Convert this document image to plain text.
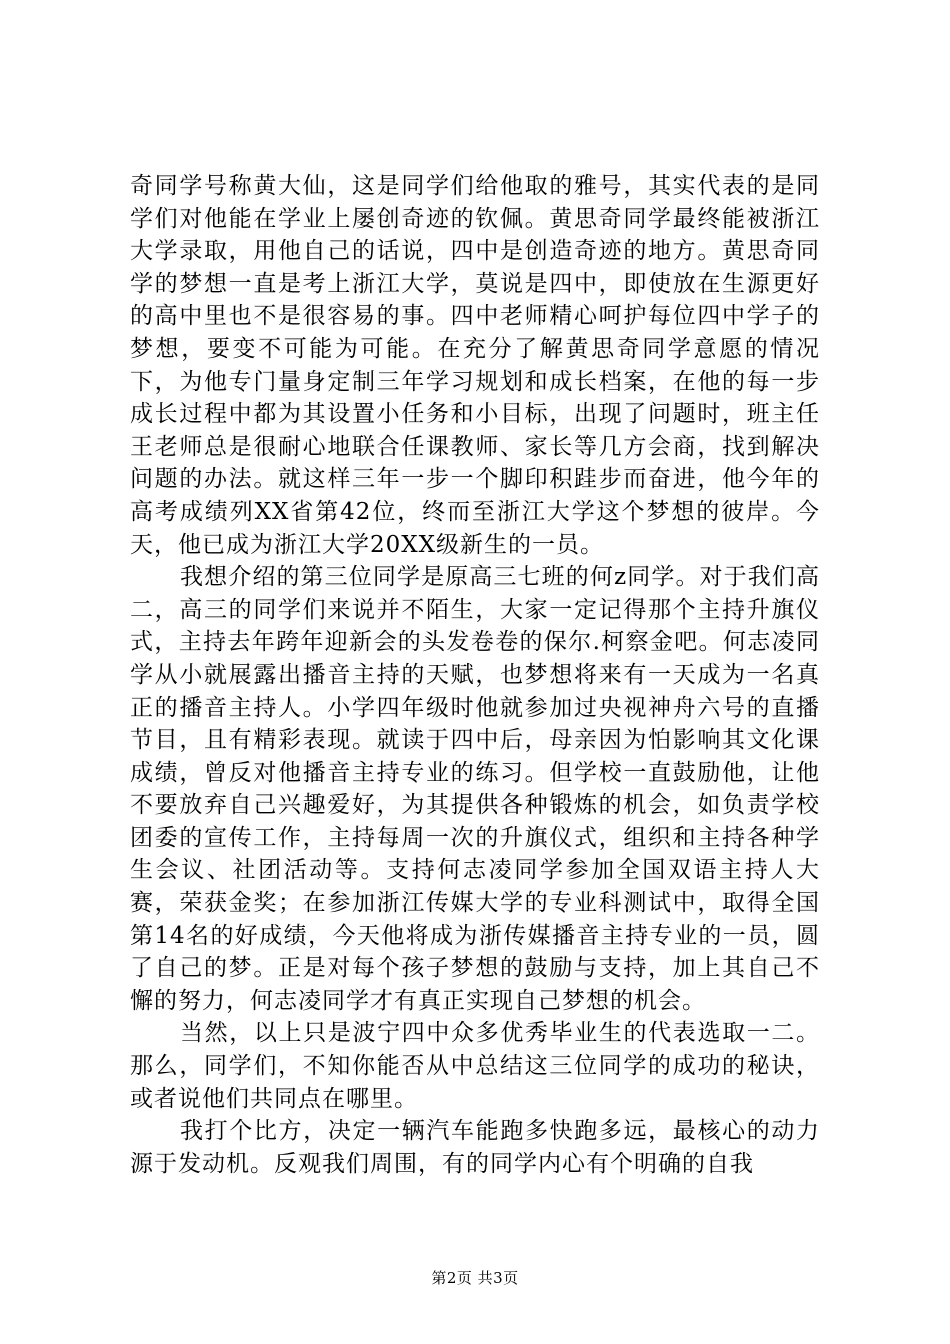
奇同学号称黄大仙，这是同学们给他取的雅号，其实代表的是同学们对他能在学业上屡创奇迹的钦佩。黄思奇同学最终能被浙江大学录取，用他自己的话说，四中是创造奇迹的地方。黄思奇同学的梦想一直是考上浙江大学，莫说是四中，即使放在生源更好的高中里也不是很容易的事。四中老师精心呵护每位四中学子的梦想，要变不可能为可能。在充分了解黄思奇同学意愿的情况下，为他专门量身定制三年学习规划和成长档案，在他的每一步成长过程中都为其设置小任务和小目标，出现了问题时，班主任王老师总是很耐心地联合任课教师、家长等几方会商，找到解决问题的办法。就这样三年一步一个脚印积跬步而奋进，他今年的高考成绩列XX省第42位，终而至浙江大学这个梦想的彼岸。今天，他已成为浙江大学20XX级新生的一员。

我想介绍的第三位同学是原高三七班的何z同学。对于我们高二，高三的同学们来说并不陌生，大家一定记得那个主持升旗仪式，主持去年跨年迎新会的头发卷卷的保尔.柯察金吧。何志凌同学从小就展露出播音主持的天赋，也梦想将来有一天成为一名真正的播音主持人。小学四年级时他就参加过央视神舟六号的直播节目，且有精彩表现。就读于四中后，母亲因为怕影响其文化课成绩，曾反对他播音主持专业的练习。但学校一直鼓励他，让他不要放弃自己兴趣爱好，为其提供各种锻炼的机会，如负责学校团委的宣传工作，主持每周一次的升旗仪式，组织和主持各种学生会议、社团活动等。支持何志凌同学参加全国双语主持人大赛，荣获金奖；在参加浙江传媒大学的专业科测试中，取得全国第14名的好成绩，今天他将成为浙传媒播音主持专业的一员，圆了自己的梦。正是对每个孩子梦想的鼓励与支持，加上其自己不懈的努力，何志凌同学才有真正实现自己梦想的机会。

当然，以上只是波宁四中众多优秀毕业生的代表选取一二。那么，同学们，不知你能否从中总结这三位同学的成功的秘诀，或者说他们共同点在哪里。

我打个比方，决定一辆汽车能跑多快跑多远，最核心的动力源于发动机。反观我们周围，有的同学内心有个明确的自我

第2页 共3页
